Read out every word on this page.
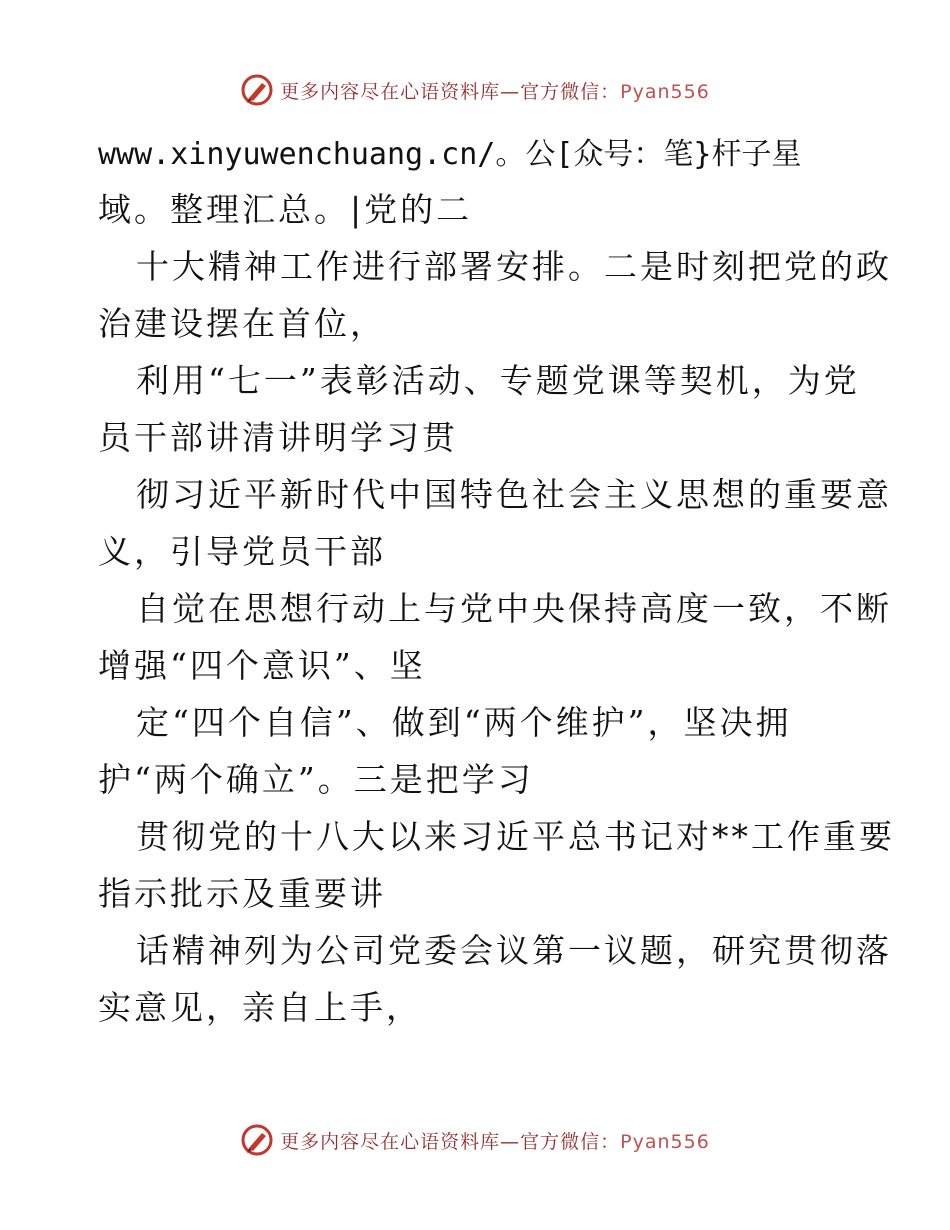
更多内容尽在心语资料库—官方微信：Pyan556
www.xinyuwenchuang.cn/。公[众号：笔}杆子星
域。整理汇总。|党的二
十大精神工作进行部署安排。二是时刻把党的政
治建设摆在首位，
利用“七一”表彰活动、专题党课等契机，为党
员干部讲清讲明学习贯
彻习近平新时代中国特色社会主义思想的重要意
义，引导党员干部
自觉在思想行动上与党中央保持高度一致，不断
增强“四个意识”、坚
定“四个自信”、做到“两个维护”，坚决拥
护“两个确立”。三是把学习
贯彻党的十八大以来习近平总书记对**工作重要
指示批示及重要讲
话精神列为公司党委会议第一议题，研究贯彻落
实意见，亲自上手，
更多内容尽在心语资料库—官方微信：Pyan556
